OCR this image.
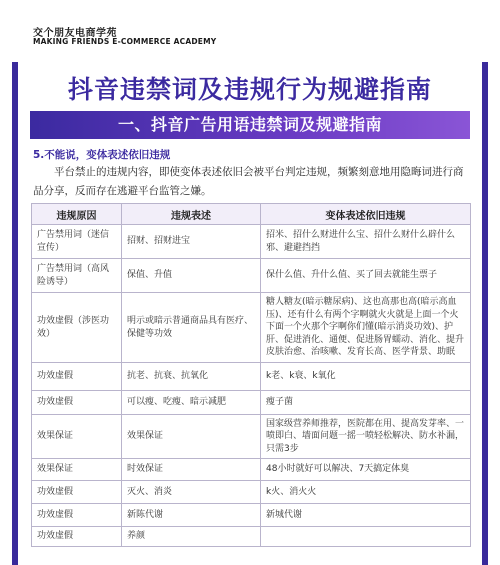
交个朋友电商学苑
MAKING FRIENDS E-COMMERCE ACADEMY
抖音违禁词及违规行为规避指南
一、抖音广告用语违禁词及规避指南
5.不能说，变体表述依旧违规
平台禁止的违规内容，即使变体表述依旧会被平台判定违规，频繁刻意地用隐晦词进行商品分享，反而存在逃避平台监管之嫌。
违规原因	违规表述	变体表述依旧违规
广告禁用词（迷信宣传）	招财、招财进宝	招米、招什么财进什么宝、招什么财什么辟什么邪、避避挡挡
广告禁用词（高风险诱导）	保值、升值	保什么值、升什么值、买了回去就能生票子
功效虚假（涉医功效）	明示或暗示普通商品具有医疗、保健等功效	糖人糖友(暗示糖尿病)、这也高那也高(暗示高血压)、还有什么有两个字啊就火火就是上面一个火下面一个火那个字啊你们懂(暗示消炎功效)、护肝、促进消化、通便、促进肠胃蠕动、消化、提升皮肤治愈、治咳嗽、发育长高、医学背景、助眠
功效虚假	抗老、抗衰、抗氧化	k老、k衰、k氧化
功效虚假	可以瘦、吃瘦、暗示减肥	瘦子菌
效果保证	效果保证	国家级营养师推荐，医院都在用、提高发芽率、一喷即白、墙面问题一摇一喷轻松解决、防水补漏，只需3步
效果保证	时效保证	48小时就好可以解决、7天搞定体臭
功效虚假	灭火、消炎	k火、消火火
功效虚假	新陈代谢	新城代谢
功效虚假	养颜	
